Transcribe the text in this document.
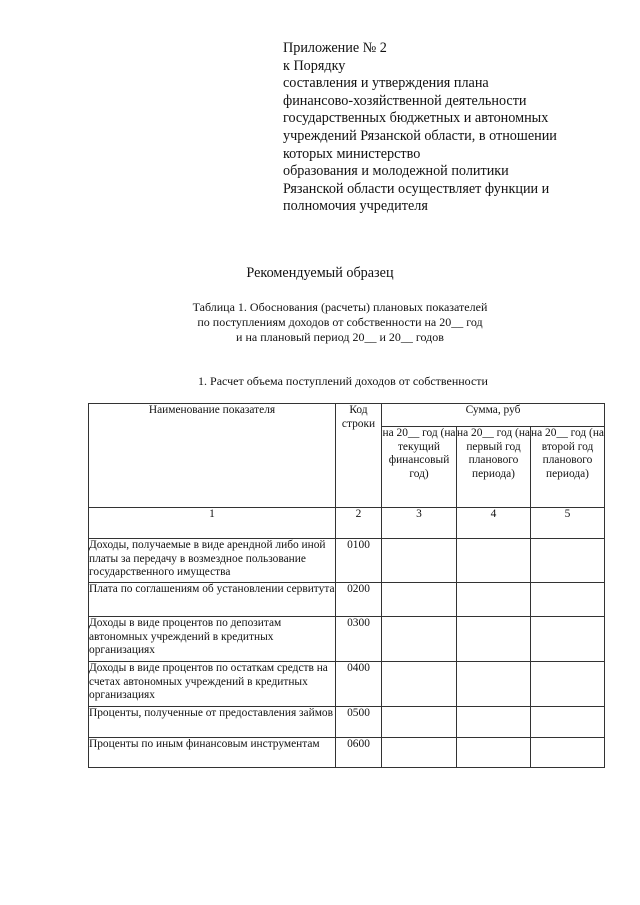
Приложение № 2
к Порядку
составления и утверждения плана
финансово-хозяйственной деятельности
государственных бюджетных и автономных
учреждений Рязанской области, в отношении
которых министерство
образования и молодежной политики
Рязанской области осуществляет функции и
полномочия учредителя
Рекомендуемый образец
Таблица 1. Обоснования (расчеты) плановых показателей
по поступлениям доходов от собственности на 20__ год
и на плановый период 20__ и 20__ годов
1. Расчет объема поступлений доходов от собственности
Наименование показателя	Код строки	Сумма, руб		
		на 20__ год (на текущий финансовый год)	на 20__ год (на первый год планового периода)	на 20__ год (на второй год планового периода)
1	2	3	4	5
Доходы, получаемые в виде арендной либо иной платы за передачу в возмездное пользование государственного имущества	0100			
Плата по соглашениям об установлении сервитута	0200			
Доходы в виде процентов по депозитам автономных учреждений в кредитных организациях	0300			
Доходы в виде процентов по остаткам средств на счетах автономных учреждений в кредитных организациях	0400			
Проценты, полученные от предоставления займов	0500			
Проценты по иным финансовым инструментам	0600			
